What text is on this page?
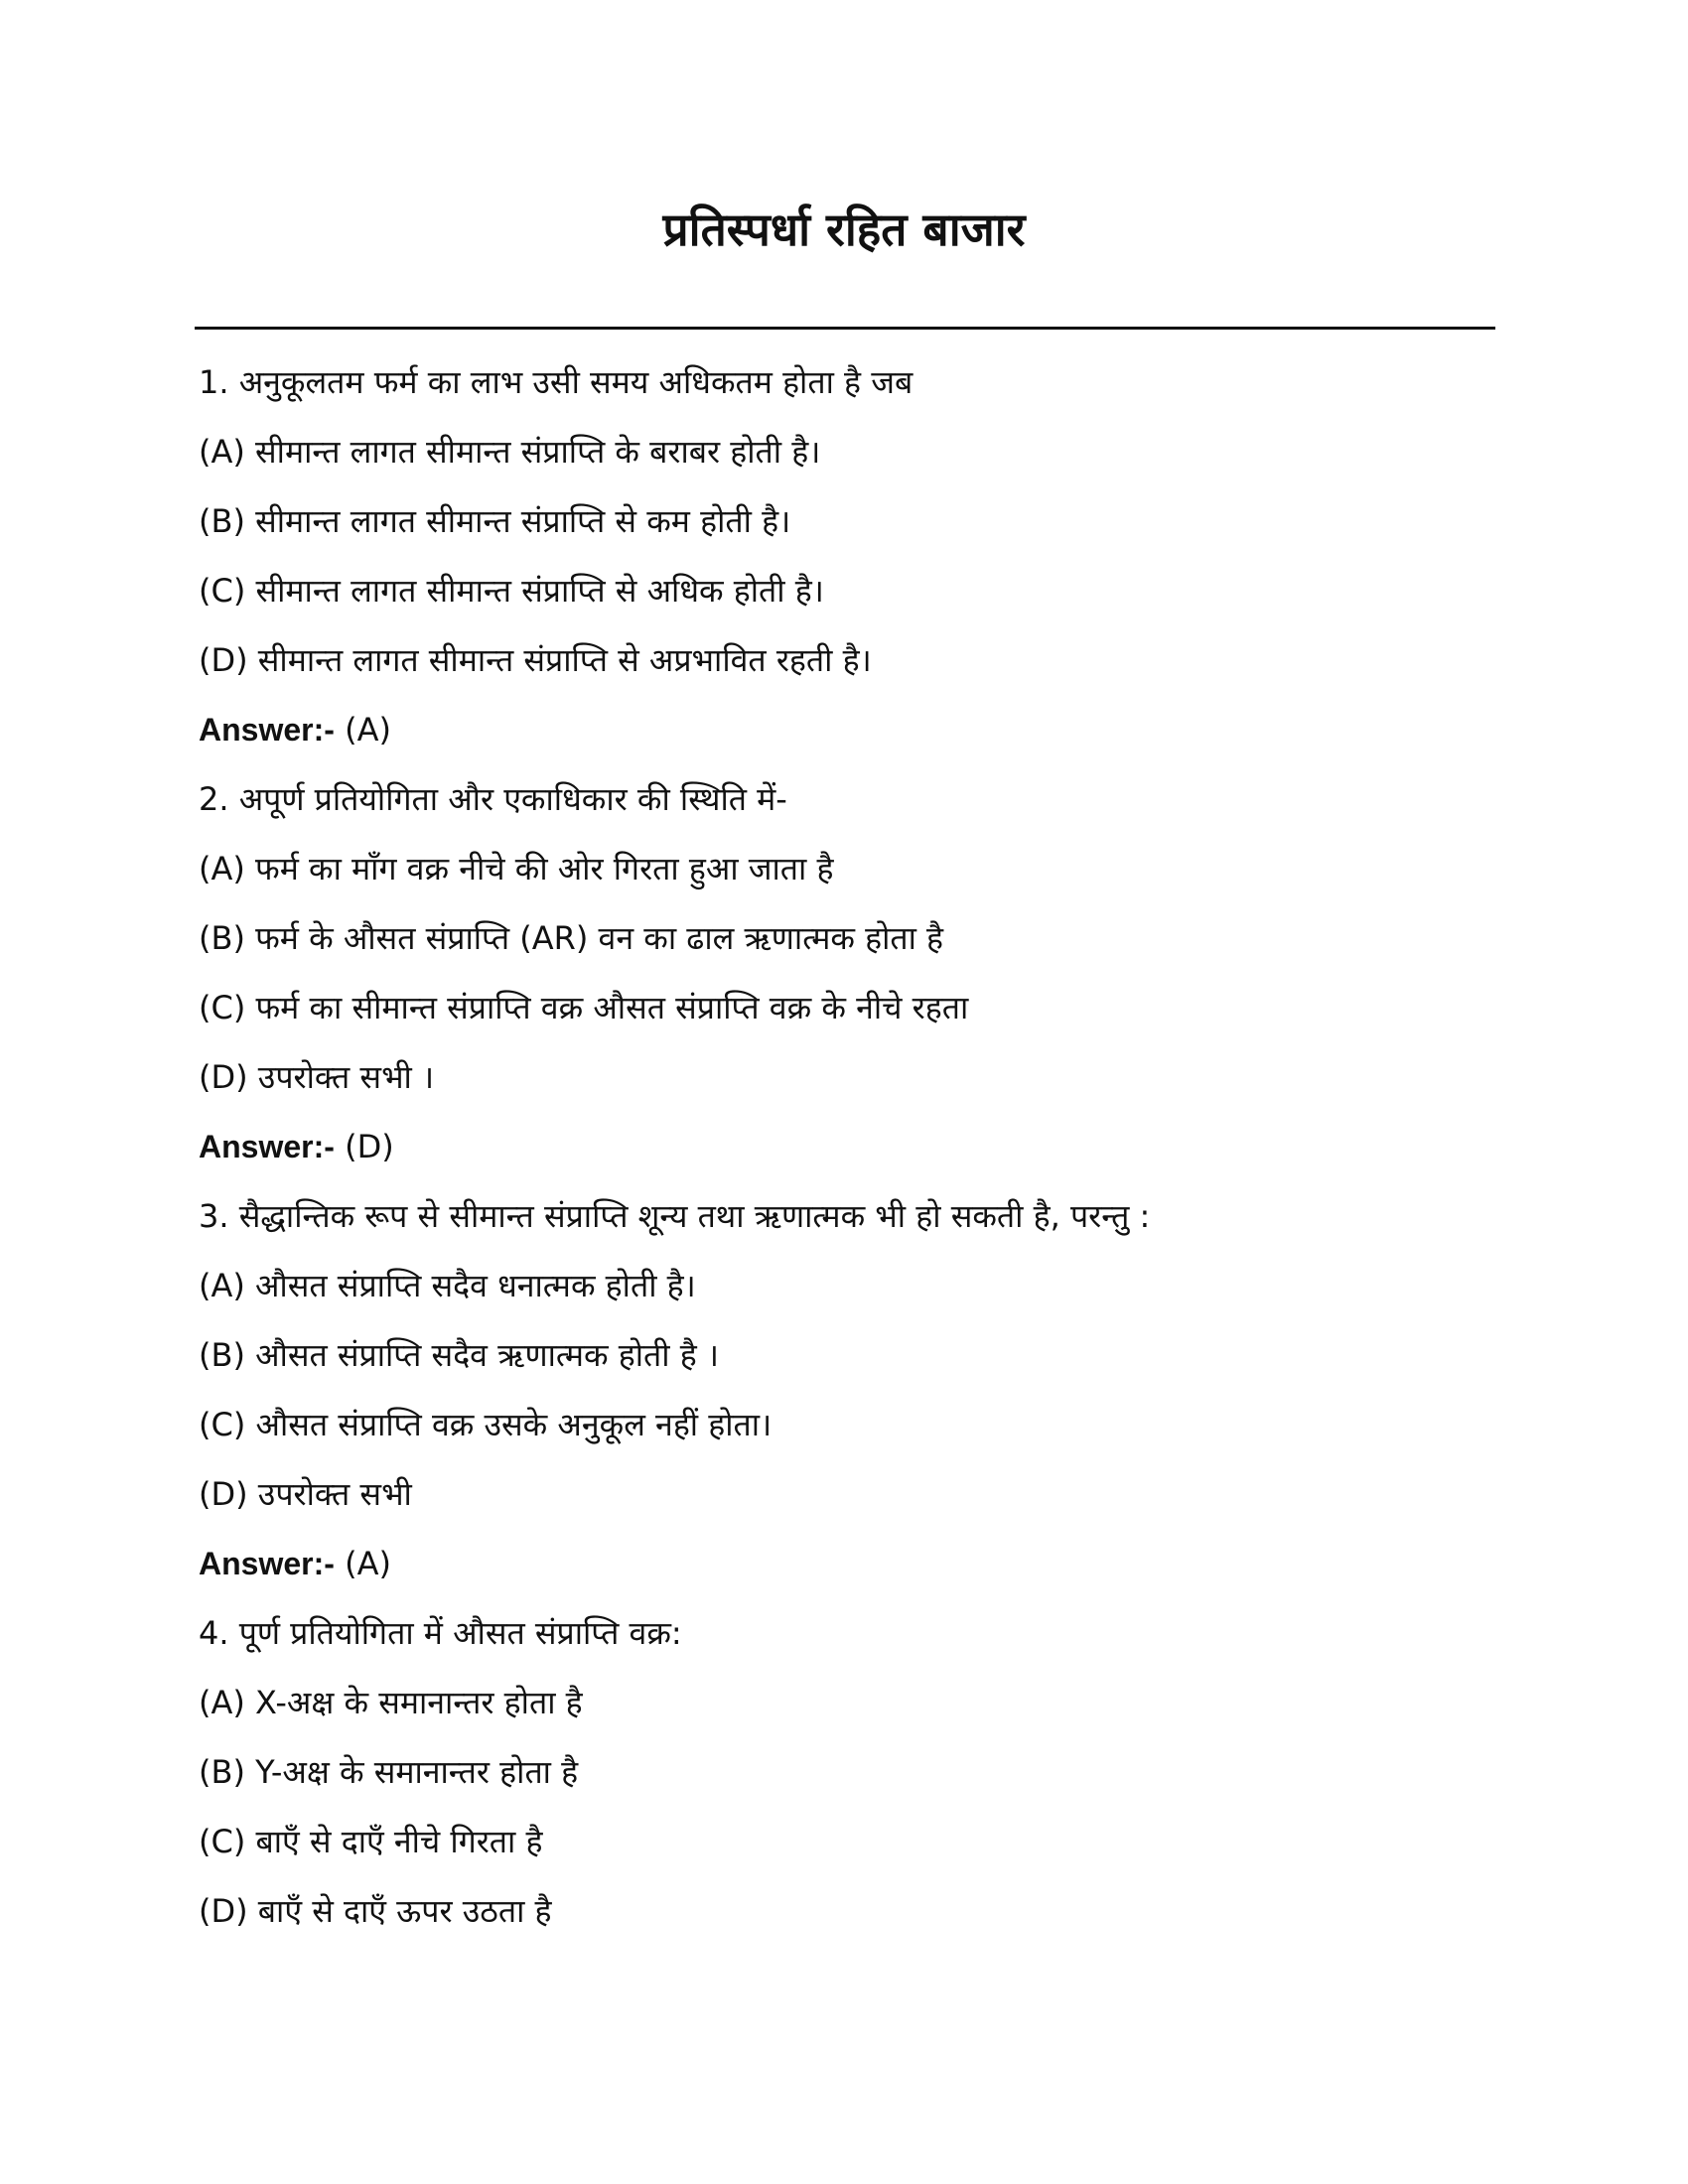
प्रतिस्पर्धा रहित बाजार
1. अनुकूलतम फर्म का लाभ उसी समय अधिकतम होता है जब
(A) सीमान्त लागत सीमान्त संप्राप्ति के बराबर होती है।
(B) सीमान्त लागत सीमान्त संप्राप्ति से कम होती है।
(C) सीमान्त लागत सीमान्त संप्राप्ति से अधिक होती है।
(D) सीमान्त लागत सीमान्त संप्राप्ति से अप्रभावित रहती है।
Answer:- (A)
2. अपूर्ण प्रतियोगिता और एकाधिकार की स्थिति में-
(A) फर्म का माँग वक्र नीचे की ओर गिरता हुआ जाता है
(B) फर्म के औसत संप्राप्ति (AR) वन का ढाल ऋणात्मक होता है
(C) फर्म का सीमान्त संप्राप्ति वक्र औसत संप्राप्ति वक्र के नीचे रहता
(D) उपरोक्त सभी ।
Answer:- (D)
3. सैद्धान्तिक रूप से सीमान्त संप्राप्ति शून्य तथा ऋणात्मक भी हो सकती है, परन्तु :
(A) औसत संप्राप्ति सदैव धनात्मक होती है।
(B) औसत संप्राप्ति सदैव ऋणात्मक होती है ।
(C) औसत संप्राप्ति वक्र उसके अनुकूल नहीं होता।
(D) उपरोक्त सभी
Answer:- (A)
4. पूर्ण प्रतियोगिता में औसत संप्राप्ति वक्र:
(A) X-अक्ष के समानान्तर होता है
(B) Y-अक्ष के समानान्तर होता है
(C) बाएँ से दाएँ नीचे गिरता है
(D) बाएँ से दाएँ ऊपर उठता है
